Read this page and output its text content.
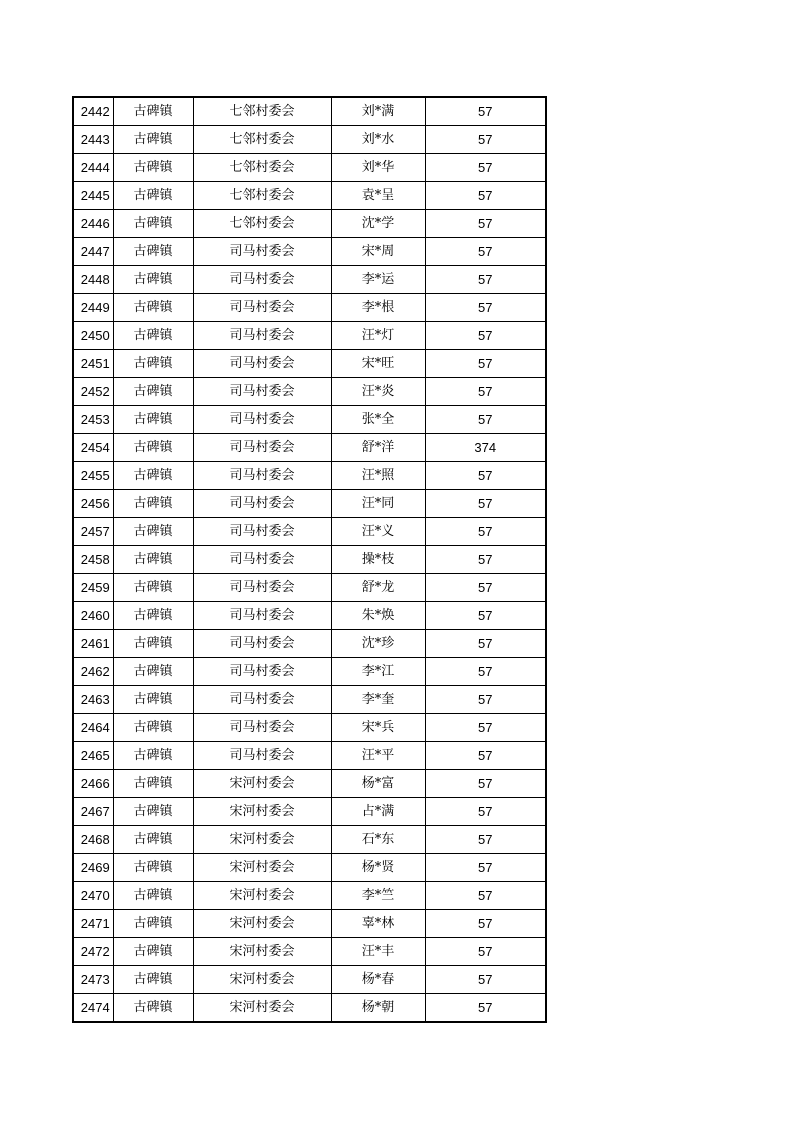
2442	古碑镇	七邻村委会	刘*满	57
2443	古碑镇	七邻村委会	刘*水	57
2444	古碑镇	七邻村委会	刘*华	57
2445	古碑镇	七邻村委会	袁*呈	57
2446	古碑镇	七邻村委会	沈*学	57
2447	古碑镇	司马村委会	宋*周	57
2448	古碑镇	司马村委会	李*运	57
2449	古碑镇	司马村委会	李*根	57
2450	古碑镇	司马村委会	汪*灯	57
2451	古碑镇	司马村委会	宋*旺	57
2452	古碑镇	司马村委会	汪*炎	57
2453	古碑镇	司马村委会	张*全	57
2454	古碑镇	司马村委会	舒*洋	374
2455	古碑镇	司马村委会	汪*照	57
2456	古碑镇	司马村委会	汪*同	57
2457	古碑镇	司马村委会	汪*义	57
2458	古碑镇	司马村委会	操*枝	57
2459	古碑镇	司马村委会	舒*龙	57
2460	古碑镇	司马村委会	朱*焕	57
2461	古碑镇	司马村委会	沈*珍	57
2462	古碑镇	司马村委会	李*江	57
2463	古碑镇	司马村委会	李*奎	57
2464	古碑镇	司马村委会	宋*兵	57
2465	古碑镇	司马村委会	汪*平	57
2466	古碑镇	宋河村委会	杨*富	57
2467	古碑镇	宋河村委会	占*满	57
2468	古碑镇	宋河村委会	石*东	57
2469	古碑镇	宋河村委会	杨*贤	57
2470	古碑镇	宋河村委会	李*竺	57
2471	古碑镇	宋河村委会	辜*林	57
2472	古碑镇	宋河村委会	汪*丰	57
2473	古碑镇	宋河村委会	杨*春	57
2474	古碑镇	宋河村委会	杨*朝	57
